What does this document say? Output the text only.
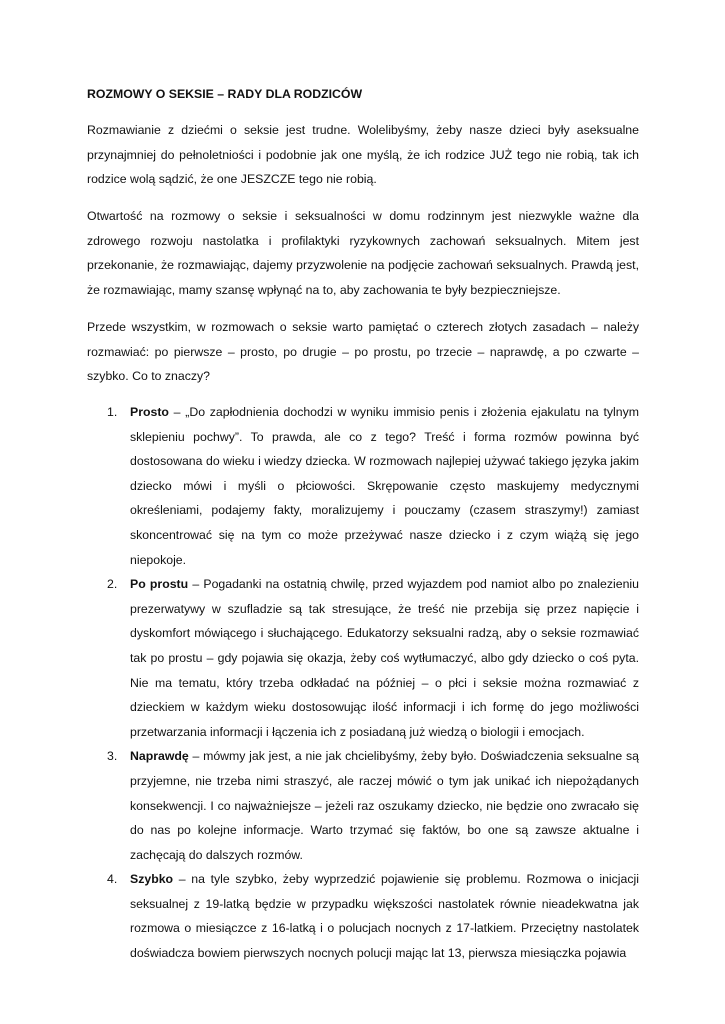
ROZMOWY O SEKSIE – RADY DLA RODZICÓW

Rozmawianie z dziećmi o seksie jest trudne. Wolelibyśmy, żeby nasze dzieci były aseksualne przynajmniej do pełnoletniości i podobnie jak one myślą, że ich rodzice JUŻ tego nie robią, tak ich rodzice wolą sądzić, że one JESZCZE tego nie robią.

Otwartość na rozmowy o seksie i seksualności w domu rodzinnym jest niezwykle ważne dla zdrowego rozwoju nastolatka i profilaktyki ryzykownych zachowań seksualnych. Mitem jest przekonanie, że rozmawiając, dajemy przyzwolenie na podjęcie zachowań seksualnych. Prawdą jest, że rozmawiając, mamy szansę wpłynąć na to, aby zachowania te były bezpieczniejsze.

Przede wszystkim, w rozmowach o seksie warto pamiętać o czterech złotych zasadach – należy rozmawiać: po pierwsze – prosto, po drugie – po prostu, po trzecie – naprawdę, a po czwarte – szybko. Co to znaczy?

1. Prosto – „Do zapłodnienia dochodzi w wyniku immisio penis i złożenia ejakulatu na tylnym sklepieniu pochwy”. To prawda, ale co z tego? Treść i forma rozmów powinna być dostosowana do wieku i wiedzy dziecka. W rozmowach najlepiej używać takiego języka jakim dziecko mówi i myśli o płciowości. Skrępowanie często maskujemy medycznymi określeniami, podajemy fakty, moralizujemy i pouczamy (czasem straszymy!) zamiast skoncentrować się na tym co może przeżywać nasze dziecko i z czym wiążą się jego niepokoje.
2. Po prostu – Pogadanki na ostatnią chwilę, przed wyjazdem pod namiot albo po znalezieniu prezerwatywy w szufladzie są tak stresujące, że treść nie przebija się przez napięcie i dyskomfort mówiącego i słuchającego. Edukatorzy seksualni radzą, aby o seksie rozmawiać tak po prostu – gdy pojawia się okazja, żeby coś wytłumaczyć, albo gdy dziecko o coś pyta. Nie ma tematu, który trzeba odkładać na później – o płci i seksie można rozmawiać z dzieckiem w każdym wieku dostosowując ilość informacji i ich formę do jego możliwości przetwarzania informacji i łączenia ich z posiadaną już wiedzą o biologii i emocjach.
3. Naprawdę – mówmy jak jest, a nie jak chcielibyśmy, żeby było. Doświadczenia seksualne są przyjemne, nie trzeba nimi straszyć, ale raczej mówić o tym jak unikać ich niepożądanych konsekwencji. I co najważniejsze – jeżeli raz oszukamy dziecko, nie będzie ono zwracało się do nas po kolejne informacje. Warto trzymać się faktów, bo one są zawsze aktualne i zachęcają do dalszych rozmów.
4. Szybko – na tyle szybko, żeby wyprzedzić pojawienie się problemu. Rozmowa o inicjacji seksualnej z 19-latką będzie w przypadku większości nastolatek równie nieadekwatna jak rozmowa o miesiączce z 16-latką i o polucjach nocnych z 17-latkiem. Przeciętny nastolatek doświadcza bowiem pierwszych nocnych polucji mając lat 13, pierwsza miesiączka pojawia
